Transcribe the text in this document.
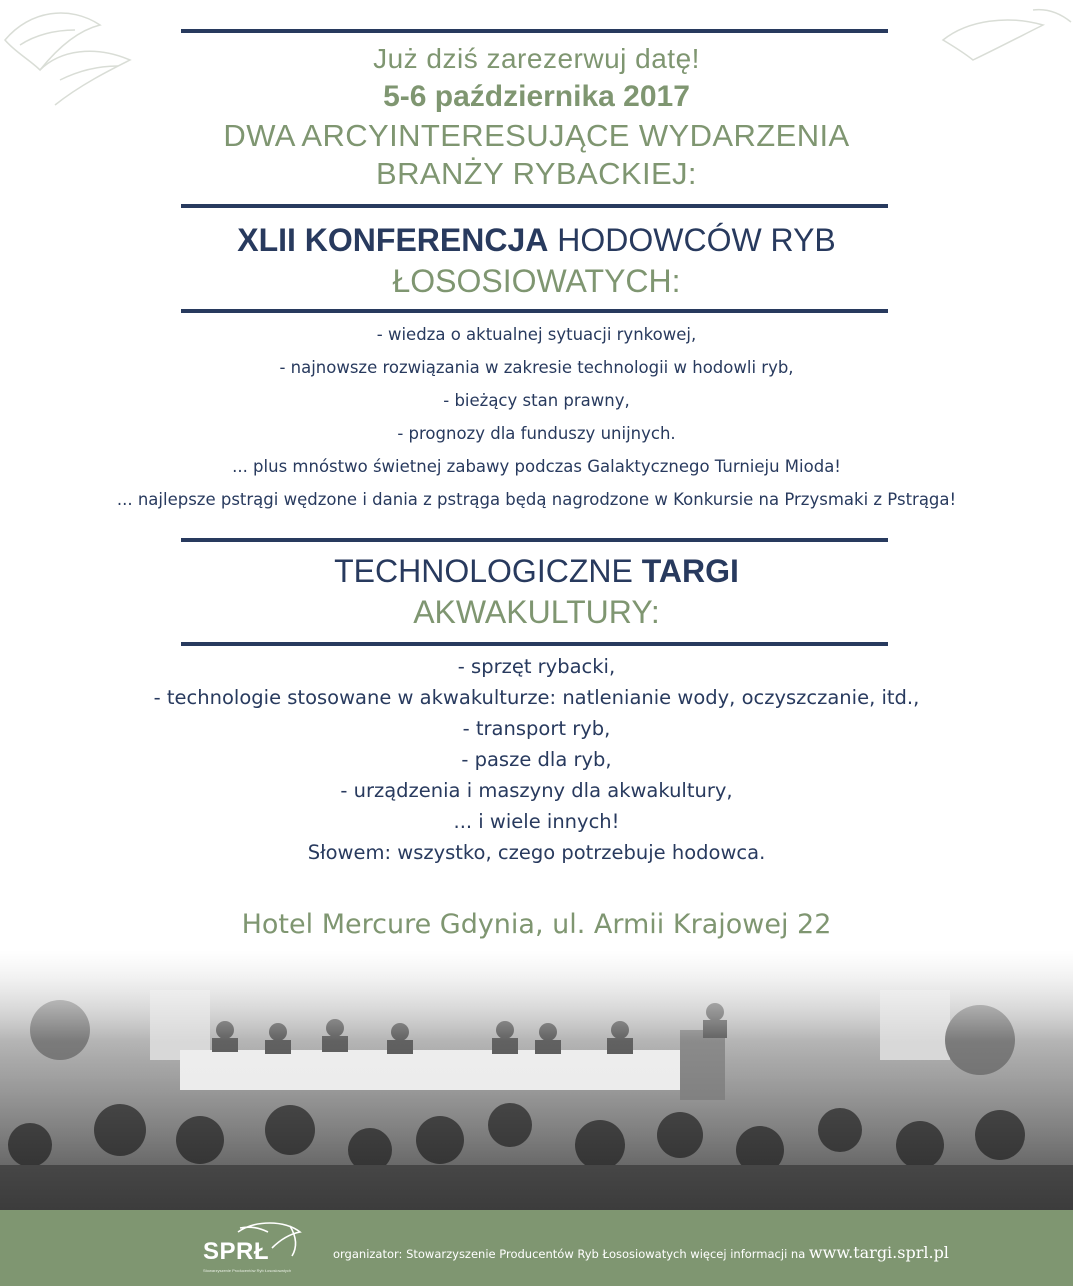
Już dziś zarezerwuj datę!
5-6 października 2017
DWA ARCYINTERESUJĄCE WYDARZENIA
BRANŻY RYBACKIEJ:
XLII KONFERENCJA HODOWCÓW RYB
ŁOSOSIOWATYCH:
- wiedza o aktualnej sytuacji rynkowej,
- najnowsze rozwiązania w zakresie technologii w hodowli ryb,
- bieżący stan prawny,
- prognozy dla funduszy unijnych.
... plus mnóstwo świetnej zabawy podczas Galaktycznego Turnieju Mioda!
... najlepsze pstrągi wędzone i dania z pstrąga będą nagrodzone w Konkursie na Przysmaki z Pstrąga!
TECHNOLOGICZNE TARGI
AKWAKULTURY:
- sprzęt rybacki,
- technologie stosowane w akwakulturze: natlenianie wody, oczyszczanie, itd.,
- transport ryb,
- pasze dla ryb,
- urządzenia i maszyny dla akwakultury,
... i wiele innych!
Słowem: wszystko, czego potrzebuje hodowca.
Hotel Mercure Gdynia, ul. Armii Krajowej 22
SPRŁ
Stowarzyszenie Producentów Ryb Łososiowatych
organizator: Stowarzyszenie Producentów Ryb Łososiowatych więcej informacji na www.targi.sprl.pl
